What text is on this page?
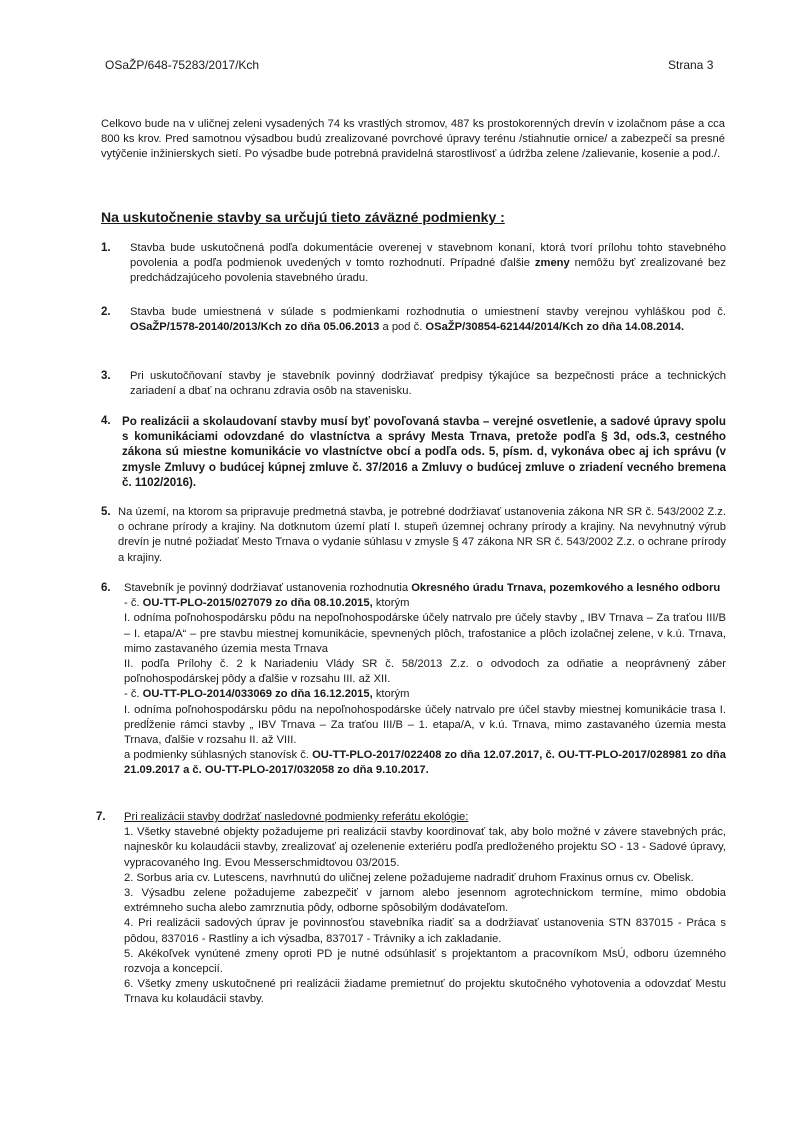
OSaŽP/648-75283/2017/Kch	Strana 3

Celkovo bude na v uličnej zeleni vysadených 74 ks vrastlých stromov, 487 ks prostokorenných drevín v izolačnom páse a cca 800 ks krov. Pred samotnou výsadbou budú zrealizované povrchové úpravy terénu /stiahnutie ornice/ a zabezpečí sa presné vytýčenie inžinierskych sietí. Po výsadbe bude potrebná pravidelná starostlivosť a údržba zelene /zalievanie, kosenie a pod./.

Na uskutočnenie stavby sa určujú tieto záväzné podmienky :
1. Stavba bude uskutočnená podľa dokumentácie overenej v stavebnom konaní, ktorá tvorí prílohu tohto stavebného povolenia a podľa podmienok uvedených v tomto rozhodnutí. Prípadné ďalšie zmeny nemôžu byť zrealizované bez predchádzajúceho povolenia stavebného úradu.

2. Stavba bude umiestnená v súlade s podmienkami rozhodnutia o umiestnení stavby verejnou vyhláškou pod č. OSaŽP/1578-20140/2013/Kch zo dňa 05.06.2013 a pod č. OSaŽP/30854-62144/2014/Kch zo dňa 14.08.2014.

3. Pri uskutočňovaní stavby je stavebník povinný dodržiavať predpisy týkajúce sa bezpečnosti práce a technických zariadení a dbať na ochranu zdravia osôb na stavenisku.

4. Po realizácii a skolaudovaní stavby musí byť povoľovaná stavba – verejné osvetlenie, a sadové úpravy spolu s komunikáciami odovzdané do vlastníctva a správy Mesta Trnava, pretože podľa § 3d, ods.3, cestného zákona sú miestne komunikácie vo vlastníctve obcí a podľa ods. 5, písm. d, vykonáva obec aj ich správu (v zmysle Zmluvy o budúcej kúpnej zmluve č. 37/2016 a Zmluvy o budúcej zmluve o zriadení vecného bremena č. 1102/2016).

5. Na území, na ktorom sa pripravuje predmetná stavba, je potrebné dodržiavať ustanovenia zákona NR SR č. 543/2002 Z.z. o ochrane prírody a krajiny. Na dotknutom území platí I. stupeň územnej ochrany prírody a krajiny. Na nevyhnutný výrub drevín je nutné požiadať Mesto Trnava o vydanie súhlasu v zmysle § 47 zákona NR SR č. 543/2002 Z.z. o ochrane prírody a krajiny.

6. Stavebník je povinný dodržiavať ustanovenia rozhodnutia Okresného úradu Trnava, pozemkového a lesného odboru

- č. OU-TT-PLO-2015/027079 zo dňa 08.10.2015, ktorým

I. odníma poľnohospodársku pôdu na nepoľnohospodárske účely natrvalo pre účely stavby „ IBV Trnava – Za traťou III/B – I. etapa/A“ – pre stavbu miestnej komunikácie, spevnených plôch, trafostanice a plôch izolačnej zelene, v k.ú. Trnava, mimo zastavaného územia mesta Trnava

II. podľa Prílohy č. 2 k Nariadeniu Vlády SR č. 58/2013 Z.z. o odvodoch za odňatie a neoprávnený záber poľnohospodárskej pôdy a ďalšie v rozsahu III. až XII.

- č. OU-TT-PLO-2014/033069 zo dňa 16.12.2015, ktorým

I. odníma poľnohospodársku pôdu na nepoľnohospodárske účely natrvalo pre účel stavby miestnej komunikácie trasa I. predĺženie rámci stavby „ IBV Trnava – Za traťou III/B – 1. etapa/A, v k.ú. Trnava, mimo zastavaného územia mesta Trnava, ďalšie v rozsahu II. až VIII.

a podmienky súhlasných stanovísk č. OU-TT-PLO-2017/022408 zo dňa 12.07.2017, č. OU-TT-PLO-2017/028981 zo dňa 21.09.2017 a č. OU-TT-PLO-2017/032058 zo dňa 9.10.2017.

7. Pri realizácii stavby dodržať nasledovné podmienky referátu ekológie:

1. Všetky stavebné objekty požadujeme pri realizácii stavby koordinovať tak, aby bolo možné v závere stavebných prác, najneskôr ku kolaudácii stavby, zrealizovať aj ozelenenie exteriéru podľa predloženého projektu SO - 13 - Sadové úpravy, vypracovaného Ing. Evou Messerschmidtovou 03/2015.

2. Sorbus aria cv. Lutescens, navrhnutú do uličnej zelene požadujeme nadradiť druhom Fraxinus ornus cv. Obelisk.

3. Výsadbu zelene požadujeme zabezpečiť v jarnom alebo jesennom agrotechnickom termíne, mimo obdobia extrémneho sucha alebo zamrznutia pôdy, odborne spôsobilým dodávateľom.

4. Pri realizácii sadových úprav je povinnosťou stavebníka riadiť sa a dodržiavať ustanovenia STN 837015 - Práca s pôdou, 837016 - Rastliny a ich výsadba, 837017 - Trávniky a ich zakladanie.

5. Akékoľvek vynútené zmeny oproti PD je nutné odsúhlasiť s projektantom a pracovníkom MsÚ, odboru územného rozvoja a koncepcií.

6. Všetky zmeny uskutočnené pri realizácii žiadame premietnuť do projektu skutočného vyhotovenia a odovzdať Mestu Trnava ku kolaudácii stavby.
